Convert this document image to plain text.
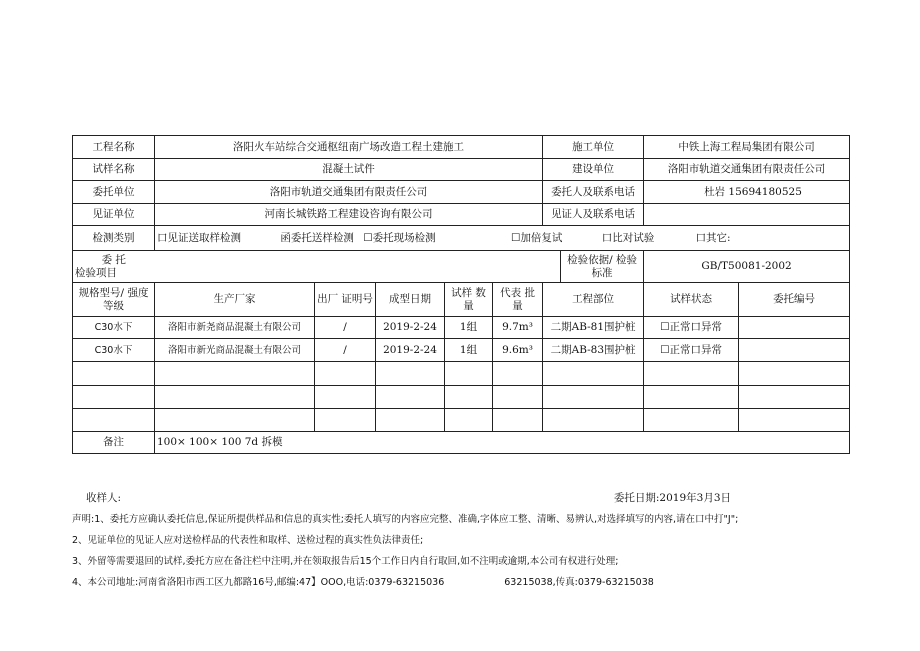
工程名称	洛阳火车站综合交通枢纽南广场改造工程土建施工					施工单位		中铁上海工程局集团有限公司	
试样名称	混凝土试件					建设单位		洛阳市轨道交通集团有限责任公司	
委托单位	洛阳市轨道交通集团有限责任公司					委托人及联系电话		杜岩 15694180525	
见证单位	河南长城铁路工程建设咨询有限公司					见证人及联系电话			
检测类别	口见证送取样检测 函委托送样检测 ☐委托现场检测 ☐加倍复试 口比对试验 口其它:								

委 托
检验项目							检验依据/ 检验标准	GB/T50081-2002	
规格型号/ 强度等级	生产厂家	出厂 证明号	成型日期	试样 数量	代表 批量	工程部位		试样状态	委托编号
C30水下	洛阳市新尧商品混凝土有限公司	/	2019-2-24	1组	9.7m³	二期AB-81围护桩		☐正常口异常	
C30水下	洛阳市新光商品混凝土有限公司	/	2019-2-24	1组	9.6m³	二期AB-83围护桩		☐正常口异常	

备注	100× 100× 100 7d 拆模								
收样人:	委托日期:2019年3月3日
声明:1、委托方应确认委托信息,保证所提供样品和信息的真实性;委托人填写的内容应完整、准确,字体应工整、清晰、易辨认,对选择填写的内容,请在口中打"J";
2、见证单位的见证人应对送检样品的代表性和取样、送检过程的真实性负法律责任;
3、外留等需要退回的试样,委托方应在备注栏中注明,并在领取报告后15个工作日内自行取回,如不注明或逾期,本公司有权进行处理;
4、本公司地址:河南省洛阳市西工区九都路16号,邮编:47】OOO,电话:0379-63215036	63215038,传真:0379-63215038
